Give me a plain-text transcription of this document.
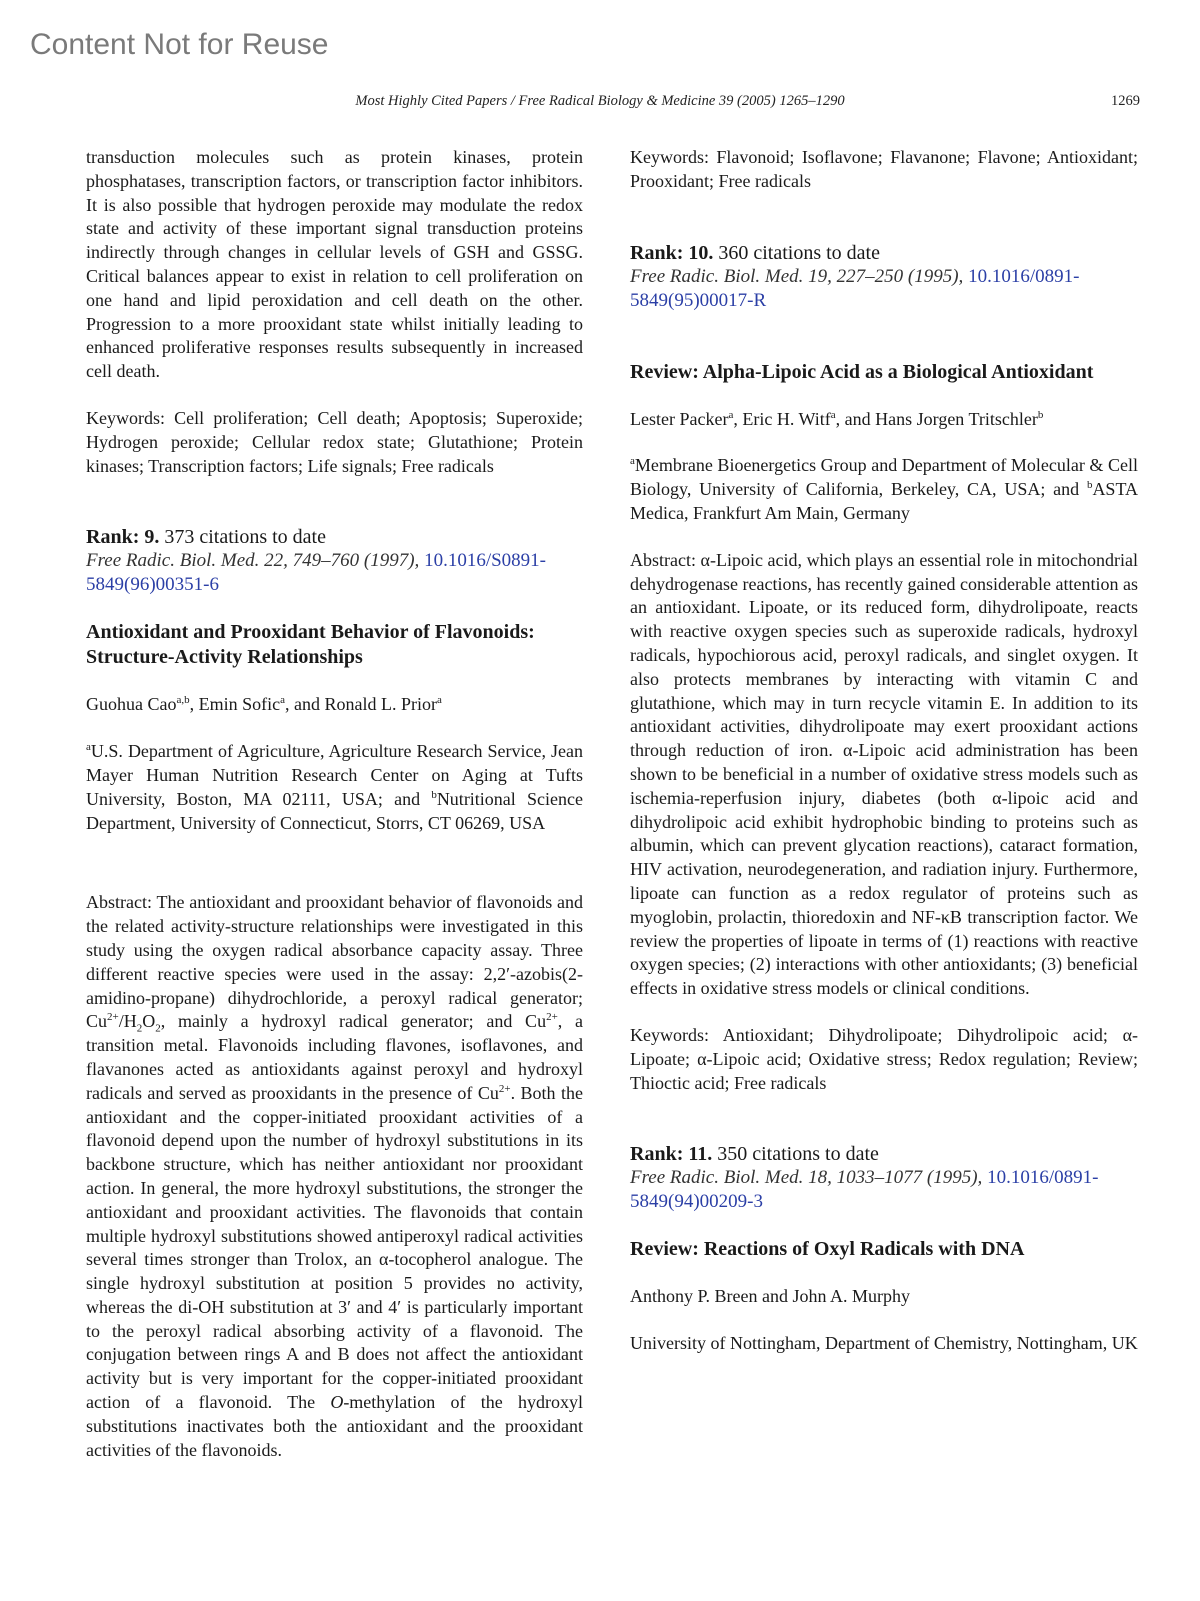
Content Not for Reuse
Most Highly Cited Papers / Free Radical Biology & Medicine 39 (2005) 1265–1290	1269

transduction molecules such as protein kinases, protein phosphatases, transcription factors, or transcription factor inhibitors. It is also possible that hydrogen peroxide may modulate the redox state and activity of these important signal transduction proteins indirectly through changes in cellular levels of GSH and GSSG. Critical balances appear to exist in relation to cell proliferation on one hand and lipid peroxidation and cell death on the other. Progression to a more prooxidant state whilst initially leading to enhanced proliferative responses results subsequently in increased cell death.

Keywords: Cell proliferation; Cell death; Apoptosis; Superoxide; Hydrogen peroxide; Cellular redox state; Glutathione; Protein kinases; Transcription factors; Life signals; Free radicals

Rank: 9. 373 citations to date
Free Radic. Biol. Med. 22, 749–760 (1997), 10.1016/S0891-5849(96)00351-6
Antioxidant and Prooxidant Behavior of Flavonoids: Structure-Activity Relationships

Guohua Cao$^{a,b}$, Emin Sofic$^a$, and Ronald L. Prior$^a$

$^a$U.S. Department of Agriculture, Agriculture Research Service, Jean Mayer Human Nutrition Research Center on Aging at Tufts University, Boston, MA 02111, USA; and $^b$Nutritional Science Department, University of Connecticut, Storrs, CT 06269, USA

Abstract: The antioxidant and prooxidant behavior of flavonoids and the related activity-structure relationships were investigated in this study using the oxygen radical absorbance capacity assay. Three different reactive species were used in the assay: 2,2′-azobis(2-amidino-propane) dihydrochloride, a peroxyl radical generator; $Cu^{2+}/H_2O_2$, mainly a hydroxyl radical generator; and $Cu^{2+}$, a transition metal. Flavonoids including flavones, isoflavones, and flavanones acted as antioxidants against peroxyl and hydroxyl radicals and served as prooxidants in the presence of $Cu^{2+}$. Both the antioxidant and the copper-initiated prooxidant activities of a flavonoid depend upon the number of hydroxyl substitutions in its backbone structure, which has neither antioxidant nor prooxidant action. In general, the more hydroxyl substitutions, the stronger the antioxidant and prooxidant activities. The flavonoids that contain multiple hydroxyl substitutions showed antiperoxyl radical activities several times stronger than Trolox, an α-tocopherol analogue. The single hydroxyl substitution at position 5 provides no activity, whereas the di-OH substitution at 3′ and 4′ is particularly important to the peroxyl radical absorbing activity of a flavonoid. The conjugation between rings A and B does not affect the antioxidant activity but is very important for the copper-initiated prooxidant action of a flavonoid. The O-methylation of the hydroxyl substitutions inactivates both the antioxidant and the prooxidant activities of the flavonoids.

Keywords: Flavonoid; Isoflavone; Flavanone; Flavone; Antioxidant; Prooxidant; Free radicals

Rank: 10. 360 citations to date
Free Radic. Biol. Med. 19, 227–250 (1995), 10.1016/0891-5849(95)00017-R
Review: Alpha-Lipoic Acid as a Biological Antioxidant

Lester Packer$^a$, Eric H. Witf$^a$, and Hans Jorgen Tritschler$^b$

$^a$Membrane Bioenergetics Group and Department of Molecular & Cell Biology, University of California, Berkeley, CA, USA; and $^b$ASTA Medica, Frankfurt Am Main, Germany

Abstract: α-Lipoic acid, which plays an essential role in mitochondrial dehydrogenase reactions, has recently gained considerable attention as an antioxidant. Lipoate, or its reduced form, dihydrolipoate, reacts with reactive oxygen species such as superoxide radicals, hydroxyl radicals, hypochiorous acid, peroxyl radicals, and singlet oxygen. It also protects membranes by interacting with vitamin C and glutathione, which may in turn recycle vitamin E. In addition to its antioxidant activities, dihydrolipoate may exert prooxidant actions through reduction of iron. α-Lipoic acid administration has been shown to be beneficial in a number of oxidative stress models such as ischemia-reperfusion injury, diabetes (both α-lipoic acid and dihydrolipoic acid exhibit hydrophobic binding to proteins such as albumin, which can prevent glycation reactions), cataract formation, HIV activation, neurodegeneration, and radiation injury. Furthermore, lipoate can function as a redox regulator of proteins such as myoglobin, prolactin, thioredoxin and NF-κB transcription factor. We review the properties of lipoate in terms of (1) reactions with reactive oxygen species; (2) interactions with other antioxidants; (3) beneficial effects in oxidative stress models or clinical conditions.

Keywords: Antioxidant; Dihydrolipoate; Dihydrolipoic acid; α-Lipoate; α-Lipoic acid; Oxidative stress; Redox regulation; Review; Thioctic acid; Free radicals

Rank: 11. 350 citations to date
Free Radic. Biol. Med. 18, 1033–1077 (1995), 10.1016/0891-5849(94)00209-3
Review: Reactions of Oxyl Radicals with DNA

Anthony P. Breen and John A. Murphy

University of Nottingham, Department of Chemistry, Nottingham, UK
